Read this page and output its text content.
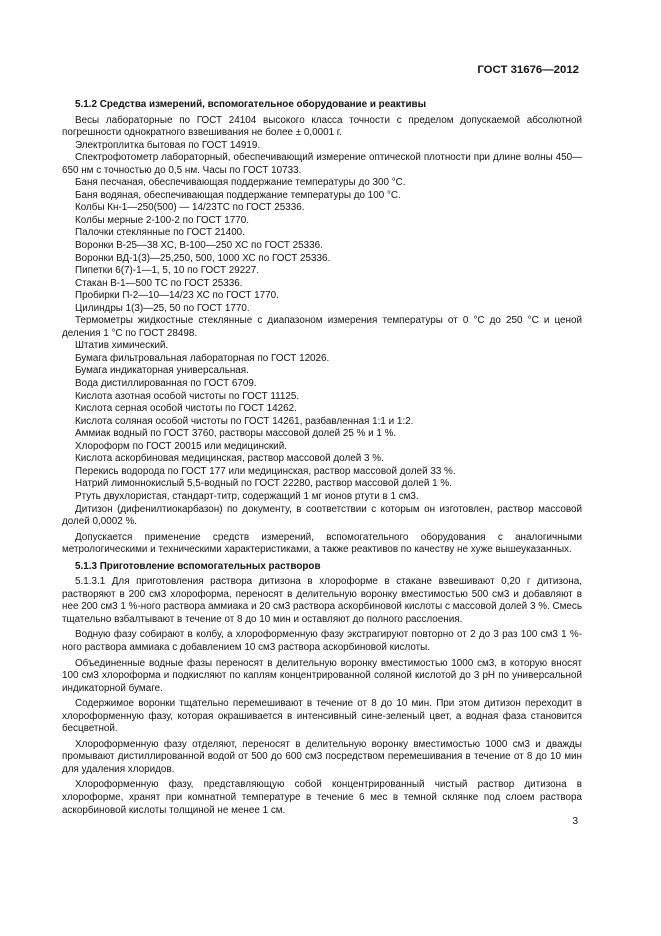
ГОСТ 31676—2012

5.1.2 Средства измерений, вспомогательное оборудование и реактивы

Весы лабораторные по ГОСТ 24104 высокого класса точности с пределом допускаемой абсолютной погрешности однократного взвешивания не более ± 0,0001 г.

Электроплитка бытовая по ГОСТ 14919.

Спектрофотометр лабораторный, обеспечивающий измерение оптической плотности при длине волны 450—650 нм с точностью до 0,5 нм. Часы по ГОСТ 10733.

Баня песчаная, обеспечивающая поддержание температуры до 300 °С.

Баня водяная, обеспечивающая поддержание температуры до 100 °С.

Колбы Кн-1—250(500) — 14/23ТС по ГОСТ 25336.

Колбы мерные 2-100-2 по ГОСТ 1770.

Палочки стеклянные по ГОСТ 21400.

Воронки В-25—38 ХС, В-100—250 ХС по ГОСТ 25336.

Воронки ВД-1(3)—25,250, 500, 1000 ХС по ГОСТ 25336.

Пипетки 6(7)-1—1, 5, 10 по ГОСТ 29227.

Стакан В-1—500 ТС по ГОСТ 25336.

Пробирки П-2—10—14/23 ХС по ГОСТ 1770.

Цилиндры 1(3)—25, 50 по ГОСТ 1770.

Термометры жидкостные стеклянные с диапазоном измерения температуры от 0 °С до 250 °С и ценой деления 1 °С по ГОСТ 28498.

Штатив химический.

Бумага фильтровальная лабораторная по ГОСТ 12026.

Бумага индикаторная универсальная.

Вода дистиллированная по ГОСТ 6709.

Кислота азотная особой чистоты по ГОСТ 11125.

Кислота серная особой чистоты по ГОСТ 14262.

Кислота соляная особой чистоты по ГОСТ 14261, разбавленная 1:1 и 1:2.

Аммиак водный по ГОСТ 3760, растворы массовой долей 25 % и 1 %.

Хлороформ по ГОСТ 20015 или медицинский.

Кислота аскорбиновая медицинская, раствор массовой долей 3 %.

Перекись водорода по ГОСТ 177 или медицинская, раствор массовой долей 33 %.

Натрий лимоннокислый 5,5-водный по ГОСТ 22280, раствор массовой долей 1 %.

Ртуть двухлористая, стандарт-титр, содержащий 1 мг ионов ртути в 1 см3.

Дитизон (дифенилтиокарбазон) по документу, в соответствии с которым он изготовлен, раствор массовой долей 0,0002 %.

Допускается применение средств измерений, вспомогательного оборудования с аналогичными метрологическими и техническими характеристиками, а также реактивов по качеству не хуже вышеуказанных.

5.1.3 Приготовление вспомогательных растворов

5.1.3.1 Для приготовления раствора дитизона в хлороформе в стакане взвешивают 0,20 г дитизона, растворяют в 200 см3 хлороформа, переносят в делительную воронку вместимостью 500 см3 и добавляют в нее 200 см3 1 %-ного раствора аммиака и 20 см3 раствора аскорбиновой кислоты с массовой долей 3 %. Смесь тщательно взбалтывают в течение от 8 до 10 мин и оставляют до полного расслоения.

Водную фазу собирают в колбу, а хлороформенную фазу экстрагируют повторно от 2 до 3 раз 100 см3 1 %-ного раствора аммиака с добавлением 10 см3 раствора аскорбиновой кислоты.

Объединенные водные фазы переносят в делительную воронку вместимостью 1000 см3, в которую вносят 100 см3 хлороформа и подкисляют по каплям концентрированной соляной кислотой до 3 рН по универсальной индикаторной бумаге.

Содержимое воронки тщательно перемешивают в течение от 8 до 10 мин. При этом дитизон переходит в хлороформенную фазу, которая окрашивается в интенсивный сине-зеленый цвет, а водная фаза становится бесцветной.

Хлороформенную фазу отделяют, переносят в делительную воронку вместимостью 1000 см3 и дважды промывают дистиллированной водой от 500 до 600 см3 посредством перемешивания в течение от 8 до 10 мин для удаления хлоридов.

Хлороформенную фазу, представляющую собой концентрированный чистый раствор дитизона в хлороформе, хранят при комнатной температуре в течение 6 мес в темной склянке под слоем раствора аскорбиновой кислоты толщиной не менее 1 см.

3
